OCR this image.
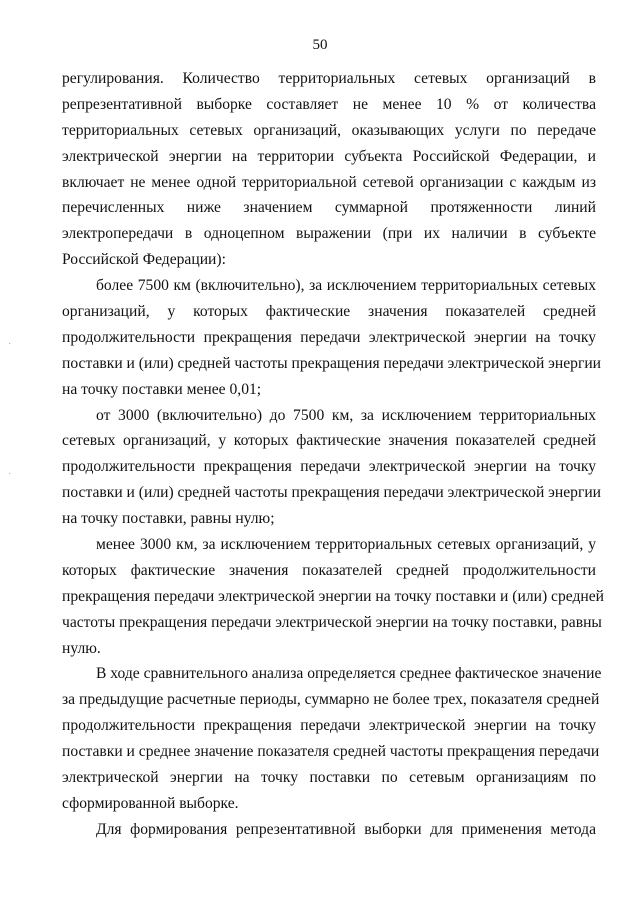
50
·
·
регулирования. Количество территориальных сетевых организаций в
репрезентативной выборке составляет не менее 10 % от количества
территориальных сетевых организаций, оказывающих услуги по передаче
электрической энергии на территории субъекта Российской Федерации, и
включает не менее одной территориальной сетевой организации с каждым из
перечисленных ниже значением суммарной протяженности линий
электропередачи в одноцепном выражении (при их наличии в субъекте
Российской Федерации):
более 7500 км (включительно), за исключением территориальных сетевых
организаций, у которых фактические значения показателей средней
продолжительности прекращения передачи электрической энергии на точку
поставки и (или) средней частоты прекращения передачи электрической энергии
на точку поставки менее 0,01;
от 3000 (включительно) до 7500 км, за исключением территориальных
сетевых организаций, у которых фактические значения показателей средней
продолжительности прекращения передачи электрической энергии на точку
поставки и (или) средней частоты прекращения передачи электрической энергии
на точку поставки, равны нулю;
менее 3000 км, за исключением территориальных сетевых организаций, у
которых фактические значения показателей средней продолжительности
прекращения передачи электрической энергии на точку поставки и (или) средней
частоты прекращения передачи электрической энергии на точку поставки, равны
нулю.
В ходе сравнительного анализа определяется среднее фактическое значение
за предыдущие расчетные периоды, суммарно не более трех, показателя средней
продолжительности прекращения передачи электрической энергии на точку
поставки и среднее значение показателя средней частоты прекращения передачи
электрической энергии на точку поставки по сетевым организациям по
сформированной выборке.
Для формирования репрезентативной выборки для применения метода
